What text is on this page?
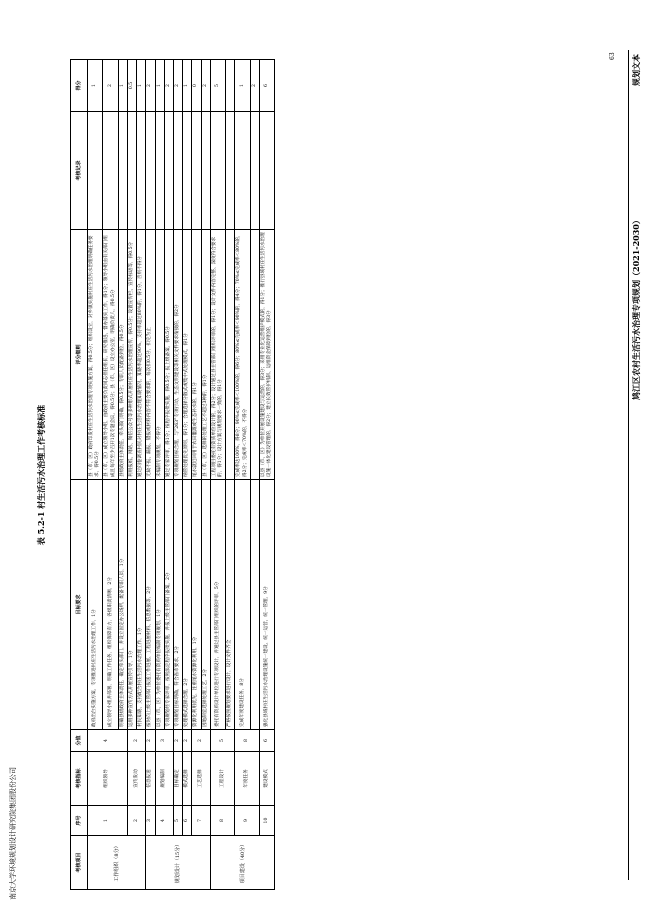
鸠江区农村生活污水治理专项规划（2021-2030）
规划文本
南京大学环境规划设计研究院集团股份公司
63
表 5.2-1 村生活污水治理工作考核标准
考核项目	序号	考核指标	分值	目标要求	评分细则	考核记录	得分
工作组织（8分）	1	组织领导	4	政府出台实施方案，专项推进村庄生活污水治理工作，1分	县（市、区）政府印发村庄生活污水治理专项实施方案，得0.5分；组织设立，对乡镇实施村庄生活污水治理明确任务要求，得0.5分		1
				成立领导小组并部署，明确工作任务，组织保障有力，各级职责清晰，2分	县（市、区）成立领导小组，由政府主要负责同志担任组长，研究推进、督办落实工作，得1分；领导小组由有关部门组成且每年至少召开1次专题会议，得0.5分；县（市、区）设立办公室，明确负责人，得0.5分		2
				明确县级政府主体责任，确定牵头部门，并设立固定办公场所，配备专职人员，1分	县级政府主体责任，牵头部门明确，得0.5分；专职人员配备到位，得0.5分		1
	2	宣传发动	2	运用多种宣传方式开展宣传引导，1分	利用报纸、网站、微信公众号等多种形式开展村庄生活污水治理宣传，得0.5分；设置宣传栏、宣传标语等，得0.5分		0.5
				村民知晓、支持配合村庄生活污水治理工作，1分	通过问卷调查村民对村庄生活污水治理知晓情况，知晓率超过90%，支持率超过80%的，得1分，否则不得分		1
规划设计（15分）	3	信息报送	2	按时向上级主管部门报送工作进展、工程进展材料、信息数据等，2分	无故不报、漏报、错报或材料内容不符合要求的，每次扣0.5分，扣完为止		2
	4	规划编制	3	以县（市、区）为单位委托有资质单位编制专项规划，1分	未编制专项规划，不得分		1
				专项规划经专家评审，按照法定程序报批实施，并报上级主管部门备案，2分	通过专家评审，得1分；按程序报批实施，得0.5分；报上级备案，得0.5分		2
	5	目标确定	2	专项规划目标明确，符合省市要求，2分	专项规划目标合理，与“263”专项行动、生态文明建设等相关文件要求衔接的，得2分		2
	6	模式选择	2	处理模式选择合理，2分	纳管处理优先原则，得1分；合理选择分散式或集中式处理模式，得1分		1
	7	工艺选择	2	资源化利用优先，注重尾水资源化利用，1分	尾水就近回用于农田灌溉或生态补水的，得1分		0
				因地制宜选择处理工艺，2分	县（市、区）选择的处理工艺不超过3种的，得1分		2
项目建设（40分）	8	工程设计	5	委托有资质设计单位进行专项设计，并通过县主管部门组织的评审，5分	工程项目委托有资质单位设计的，得2分；设计通过县主管部门组织评审的，得1分；设计文件内容完整、深度符合要求的，得1分；设计方案与规划要求一致的，得1分		5
				严格按照规划要求进行设计，设计文件齐全			
	9	年度任务	8	完成年度建设任务，8分	完成率达100%，得8分；90%≤完成率＜100%的，得6分；80%≤完成率＜90%的，得4分；70%≤完成率＜80%的，得2分；完成率＜70%的，不得分		1
							2
	10	建设模式	6	强化县域村庄生活污水治理设施统一建设、统一运营、统一管理，9分	以县（市、区）为单位开展设施建设与运营的，得3分；采用专业化运营维护模式的，得1分；推行县域村庄生活污水治理设施一体化建设管理的，得2分；建立长效管护机制、运维资金保障到位的，得3分		6
